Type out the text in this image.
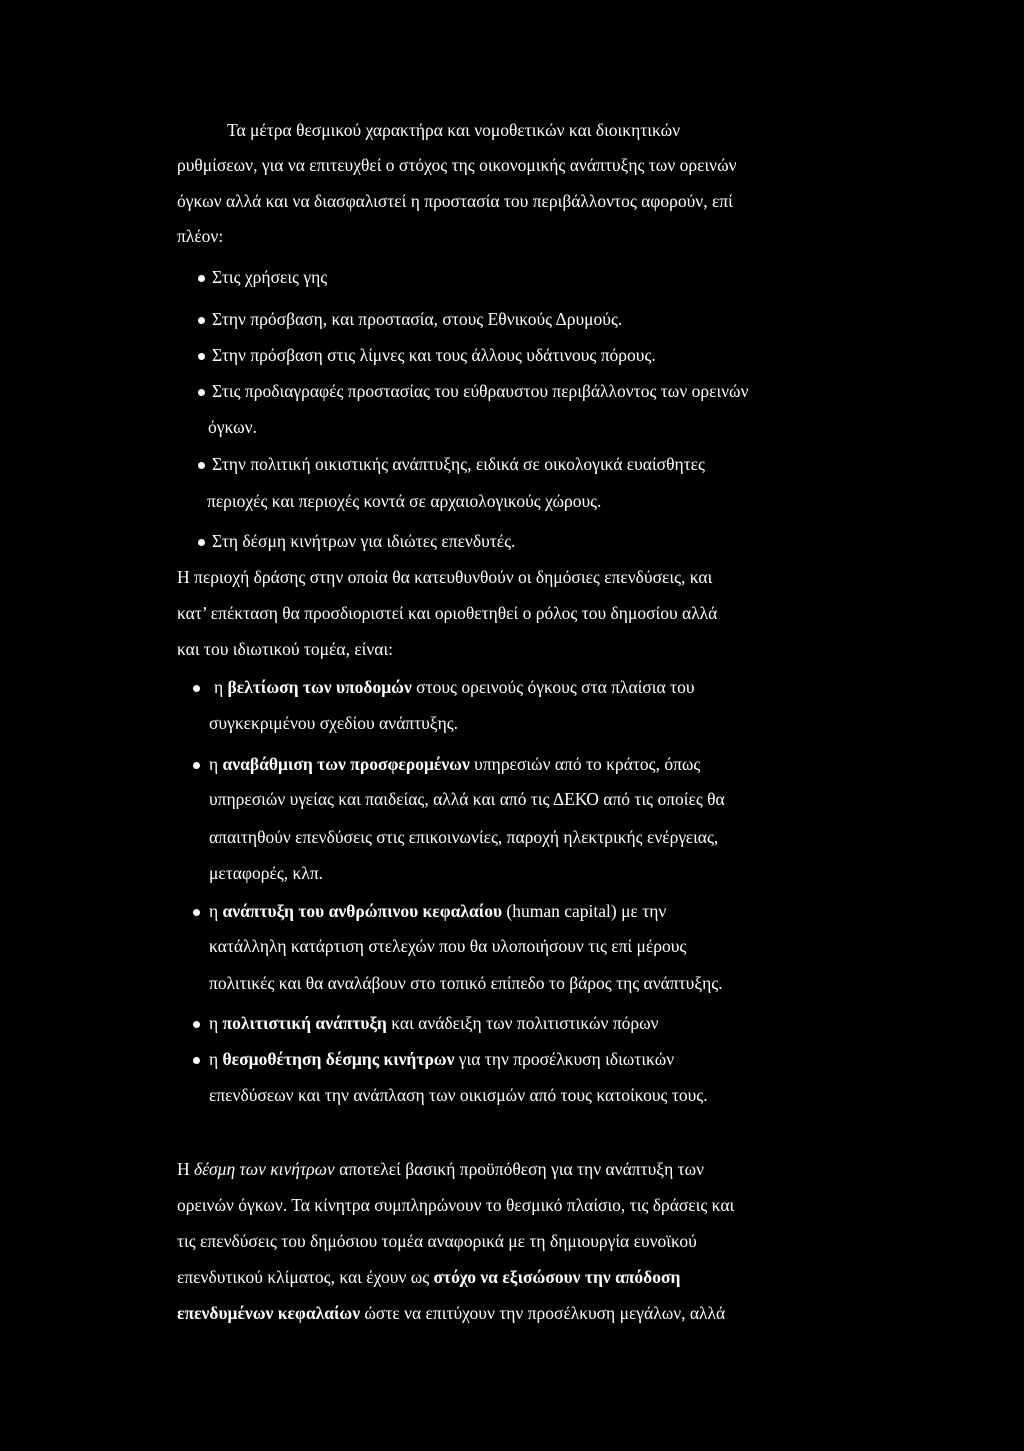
Τα μέτρα θεσμικού χαρακτήρα και νομοθετικών και διοικητικών
ρυθμίσεων, για να επιτευχθεί ο στόχος της οικονομικής ανάπτυξης των ορεινών
όγκων αλλά και να διασφαλιστεί η προστασία του περιβάλλοντος αφορούν, επί
πλέον:
Στις χρήσεις γης
Στην πρόσβαση, και προστασία, στους Εθνικούς Δρυμούς.
Στην πρόσβαση στις λίμνες και τους άλλους υδάτινους πόρους.
Στις προδιαγραφές προστασίας του εύθραυστου περιβάλλοντος των ορεινών
όγκων.
Στην πολιτική οικιστικής ανάπτυξης, ειδικά σε οικολογικά ευαίσθητες
περιοχές και περιοχές κοντά σε αρχαιολογικούς χώρους.
Στη δέσμη κινήτρων για ιδιώτες επενδυτές.
Η περιοχή δράσης στην οποία θα κατευθυνθούν οι δημόσιες επενδύσεις, και
κατ’ επέκταση θα προσδιοριστεί και οριοθετηθεί ο ρόλος του δημοσίου αλλά
και του ιδιωτικού τομέα, είναι:
η βελτίωση των υποδομών στους ορεινούς όγκους στα πλαίσια του
συγκεκριμένου σχεδίου ανάπτυξης.
η αναβάθμιση των προσφερομένων υπηρεσιών από το κράτος, όπως
υπηρεσιών υγείας και παιδείας, αλλά και από τις ΔΕΚΟ από τις οποίες θα
απαιτηθούν επενδύσεις στις επικοινωνίες, παροχή ηλεκτρικής ενέργειας,
μεταφορές, κλπ.
η ανάπτυξη του ανθρώπινου κεφαλαίου (human capital) με την
κατάλληλη κατάρτιση στελεχών που θα υλοποιήσουν τις επί μέρους
πολιτικές και θα αναλάβουν στο τοπικό επίπεδο το βάρος της ανάπτυξης.
η πολιτιστική ανάπτυξη και ανάδειξη των πολιτιστικών πόρων
η θεσμοθέτηση δέσμης κινήτρων για την προσέλκυση ιδιωτικών
επενδύσεων και την ανάπλαση των οικισμών από τους κατοίκους τους.
Η δέσμη των κινήτρων αποτελεί βασική προϋπόθεση για την ανάπτυξη των
ορεινών όγκων. Τα κίνητρα συμπληρώνουν το θεσμικό πλαίσιο, τις δράσεις και
τις επενδύσεις του δημόσιου τομέα αναφορικά με τη δημιουργία ευνοϊκού
επενδυτικού κλίματος, και έχουν ως στόχο να εξισώσουν την απόδοση
επενδυμένων κεφαλαίων ώστε να επιτύχουν την προσέλκυση μεγάλων, αλλά
